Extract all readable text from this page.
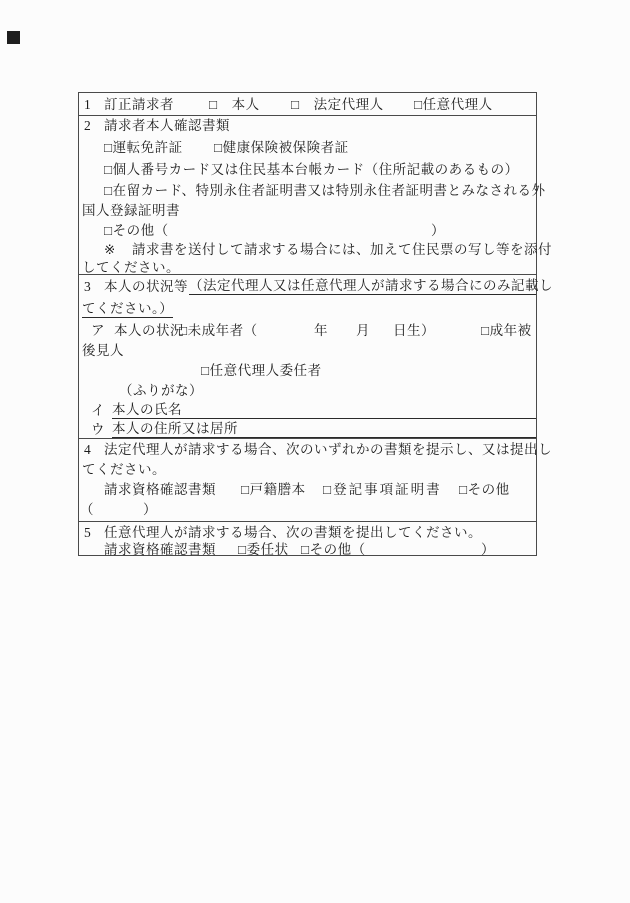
1 訂正請求者	□　本人 □　法定代理人 □任意代理人
2 請求者本人確認書類
□運転免許証 □健康保険被保険者証
□個人番号カード又は住民基本台帳カード（住所記載のあるもの）
□在留カード、特別永住者証明書又は特別永住者証明書とみなされる外
国人登録証明書
□その他（	）
※ 請求書を送付して請求する場合には、加えて住民票の写し等を添付
してください。
3 本人の状況等 （法定代理人又は任意代理人が請求する場合にのみ記載し
てください。）
ア 本人の状況
□未成年者（	年 月 日生）	□成年被
後見人
□任意代理人委任者
（ふりがな）
イ 本人の氏名
ウ 本人の住所又は居所
4 法定代理人が請求する場合、次のいずれかの書類を提示し、又は提出し
てください。
請求資格確認書類 □戸籍謄本 □登記事項証明書 □その他
（	）
5 任意代理人が請求する場合、次の書類を提出してください。
請求資格確認書類 □委任状 □その他（	）
